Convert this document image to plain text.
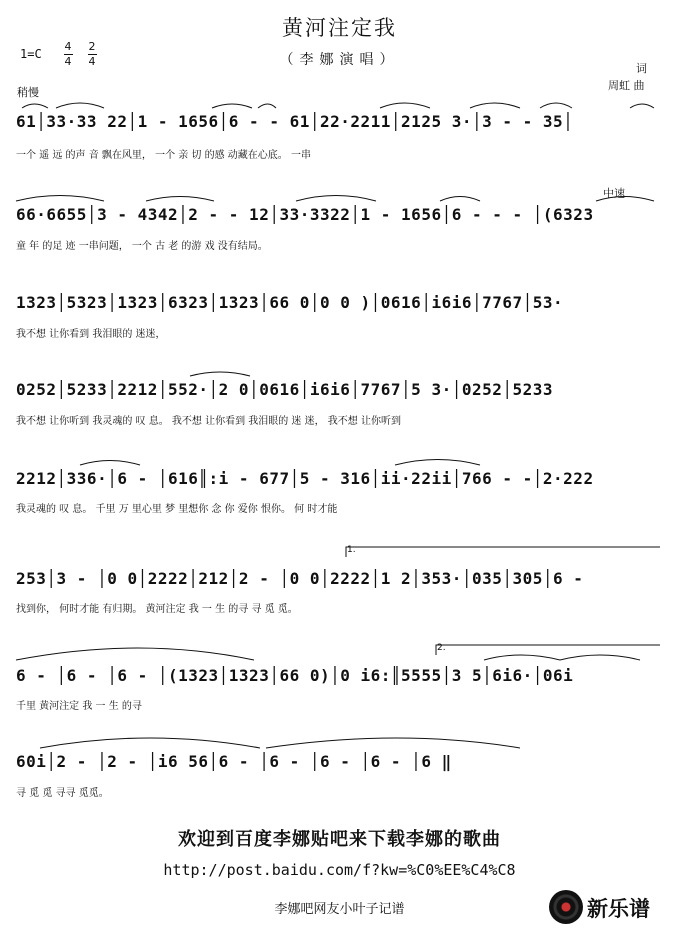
黄河注定我
（李娜演唱）
1=C
4
4
2
4
稍慢
中速
词
周虹 曲
61│33·33 22│1 - 1656│6 - - 61│22·2211│2125 3·│3 - - 35│
一个 遥 远 的声 音 飘在风里， 一个 亲 切 的感 动藏在心底。 一串
66·6655│3 - 4342│2 - - 12│33·3322│1 - 1656│6 - - - │(6323
童 年 的足 迹 一串问题， 一个 古 老 的游 戏 没有结局。
1323│5323│1323│6323│1323│66 0│0 0 )│0616│i6i6│7767│53·
我不想 让你看到 我泪眼的 迷迷，
0252│5233│2212│552·│2 0│0616│i6i6│7767│5 3·│0252│5233
我不想 让你听到 我灵魂的 叹 息。 我不想 让你看到 我泪眼的 迷 迷， 我不想 让你听到
2212│336·│6 - │616║:i - 677│5 - 316│ii·22ii│766 - -│2·222
我灵魂的 叹 息。 千里 万 里心里 梦 里想你 念 你 爱你 恨你。 何 时才能
253│3 - │0 0│2222│212│2 - │0 0│2222│1 2│353·│035│305│6 -
找到你， 何时才能 有归期。 黄河注定 我 一 生 的寻 寻 觅 觅。
6 - │6 - │6 - │(1323│1323│66 0)│0 i6:║5555│3 5│6i6·│06i
千里 黄河注定 我 一 生 的寻
60i│2 - │2 - │i6 56│6 - │6 - │6 - │6 - │6 ‖
寻 觅 觅 寻寻 觅觅。
1.
2.
欢迎到百度李娜贴吧来下载李娜的歌曲
http://post.baidu.com/f?kw=%C0%EE%C4%C8
李娜吧网友小叶子记谱	新乐谱
